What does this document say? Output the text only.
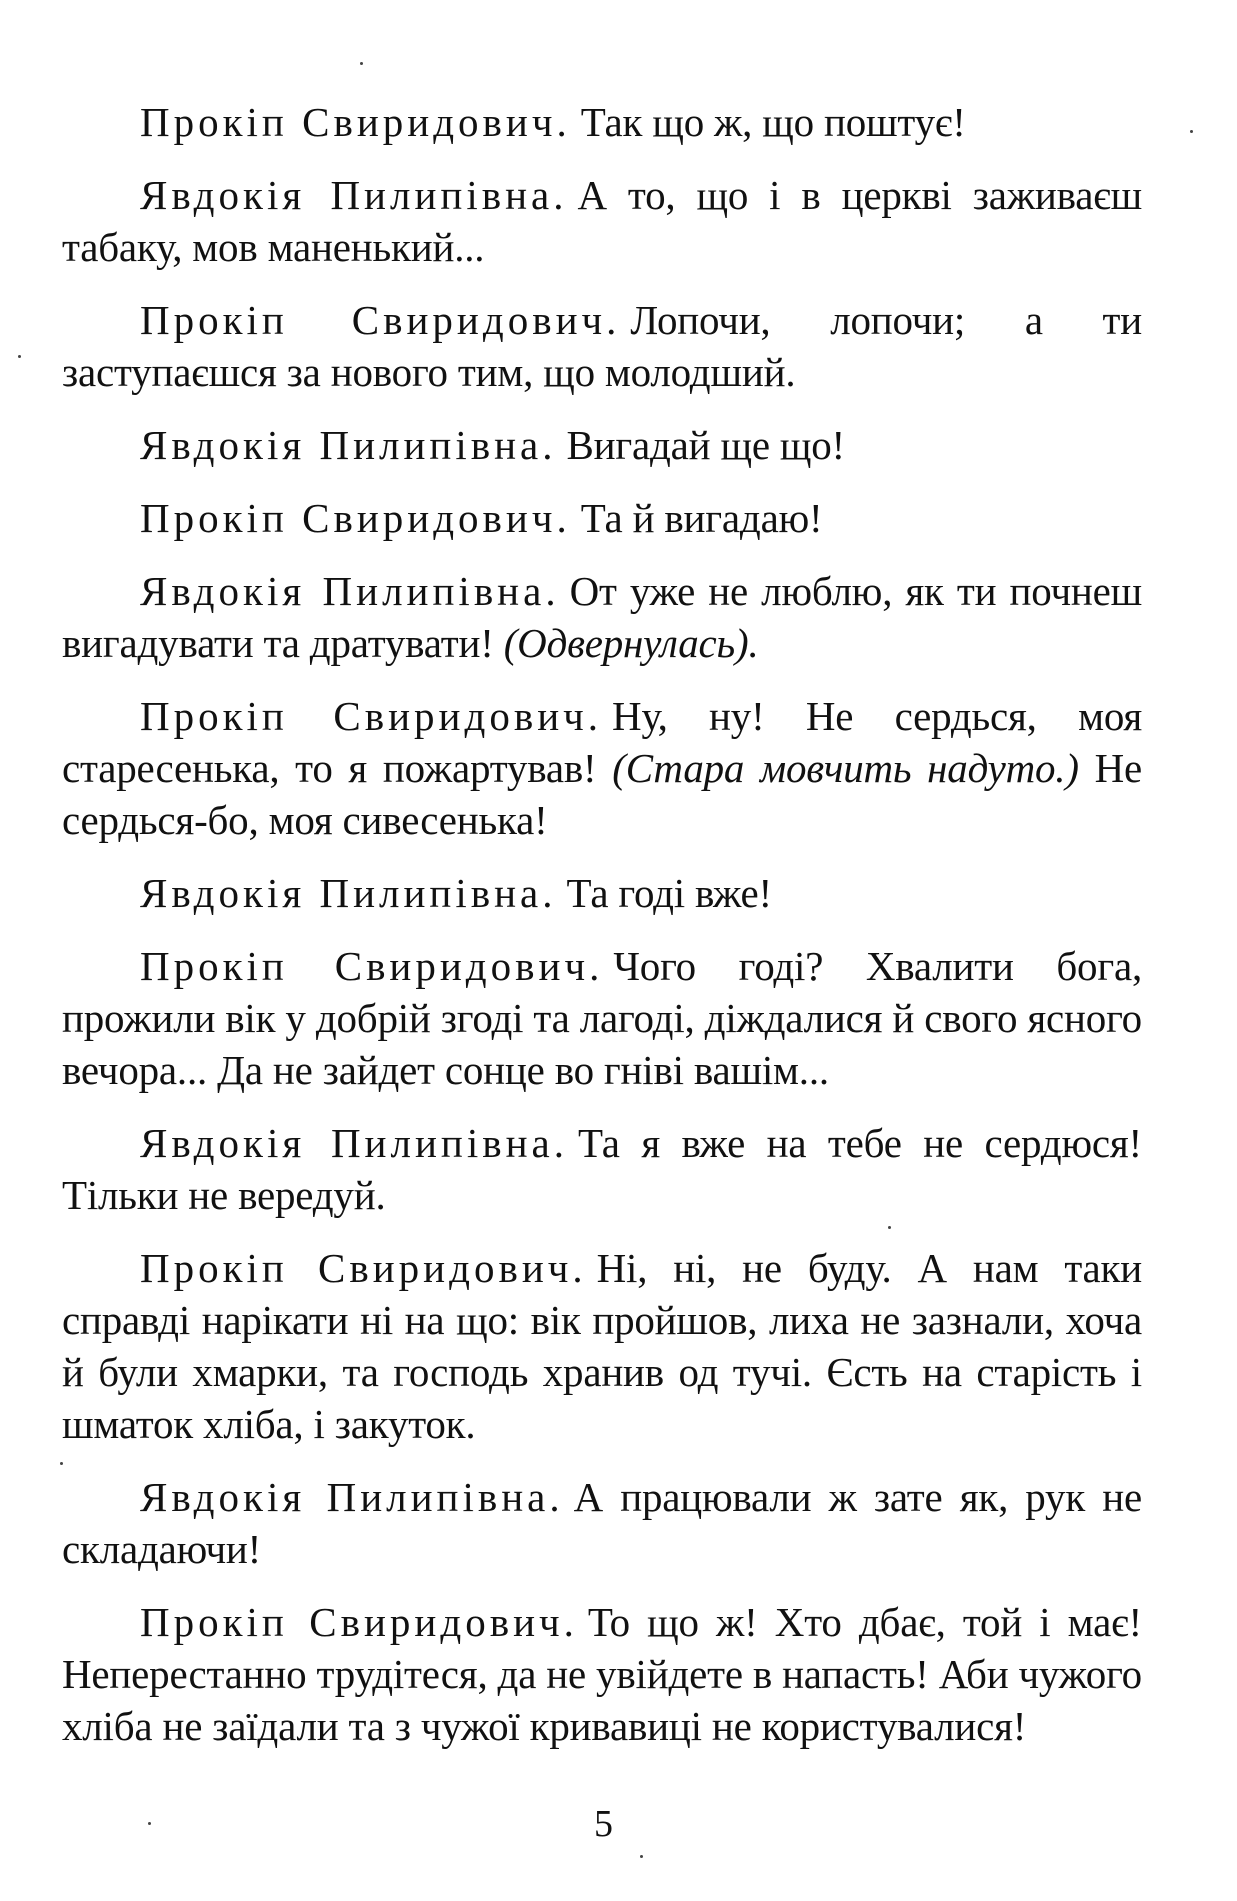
Прокіп Свиридович. Так що ж, що поштує!

Явдокія Пилипівна. А то, що і в церкві заживаєш табаку, мов маненький...

Прокіп Свиридович. Лопочи, лопочи; а ти заступаєшся за нового тим, що молодший.

Явдокія Пилипівна. Вигадай ще що!

Прокіп Свиридович. Та й вигадаю!

Явдокія Пилипівна. От уже не люблю, як ти почнеш вигадувати та дратувати! (Одвернулась).

Прокіп Свиридович. Ну, ну! Не сердься, моя старесенька, то я пожартував! (Стара мовчить надуто.) Не сердься-бо, моя сивесенька!

Явдокія Пилипівна. Та годі вже!

Прокіп Свиридович. Чого годі? Хвалити бога, прожили вік у добрій згоді та лагоді, діждалися й свого ясного вечора... Да не зайдет сонце во гніві вашім...

Явдокія Пилипівна. Та я вже на тебе не сердюся! Тільки не вередуй.

Прокіп Свиридович. Ні, ні, не буду. А нам таки справді нарікати ні на що: вік пройшов, лиха не зазнали, хоча й були хмарки, та господь хранив од тучі. Єсть на старість і шматок хліба, і закуток.

Явдокія Пилипівна. А працювали ж зате як, рук не складаючи!

Прокіп Свиридович. То що ж! Хто дбає, той і має! Неперестанно трудітеся, да не увійдете в напасть! Аби чужого хліба не заїдали та з чужої кривавиці не користувалися!

5
